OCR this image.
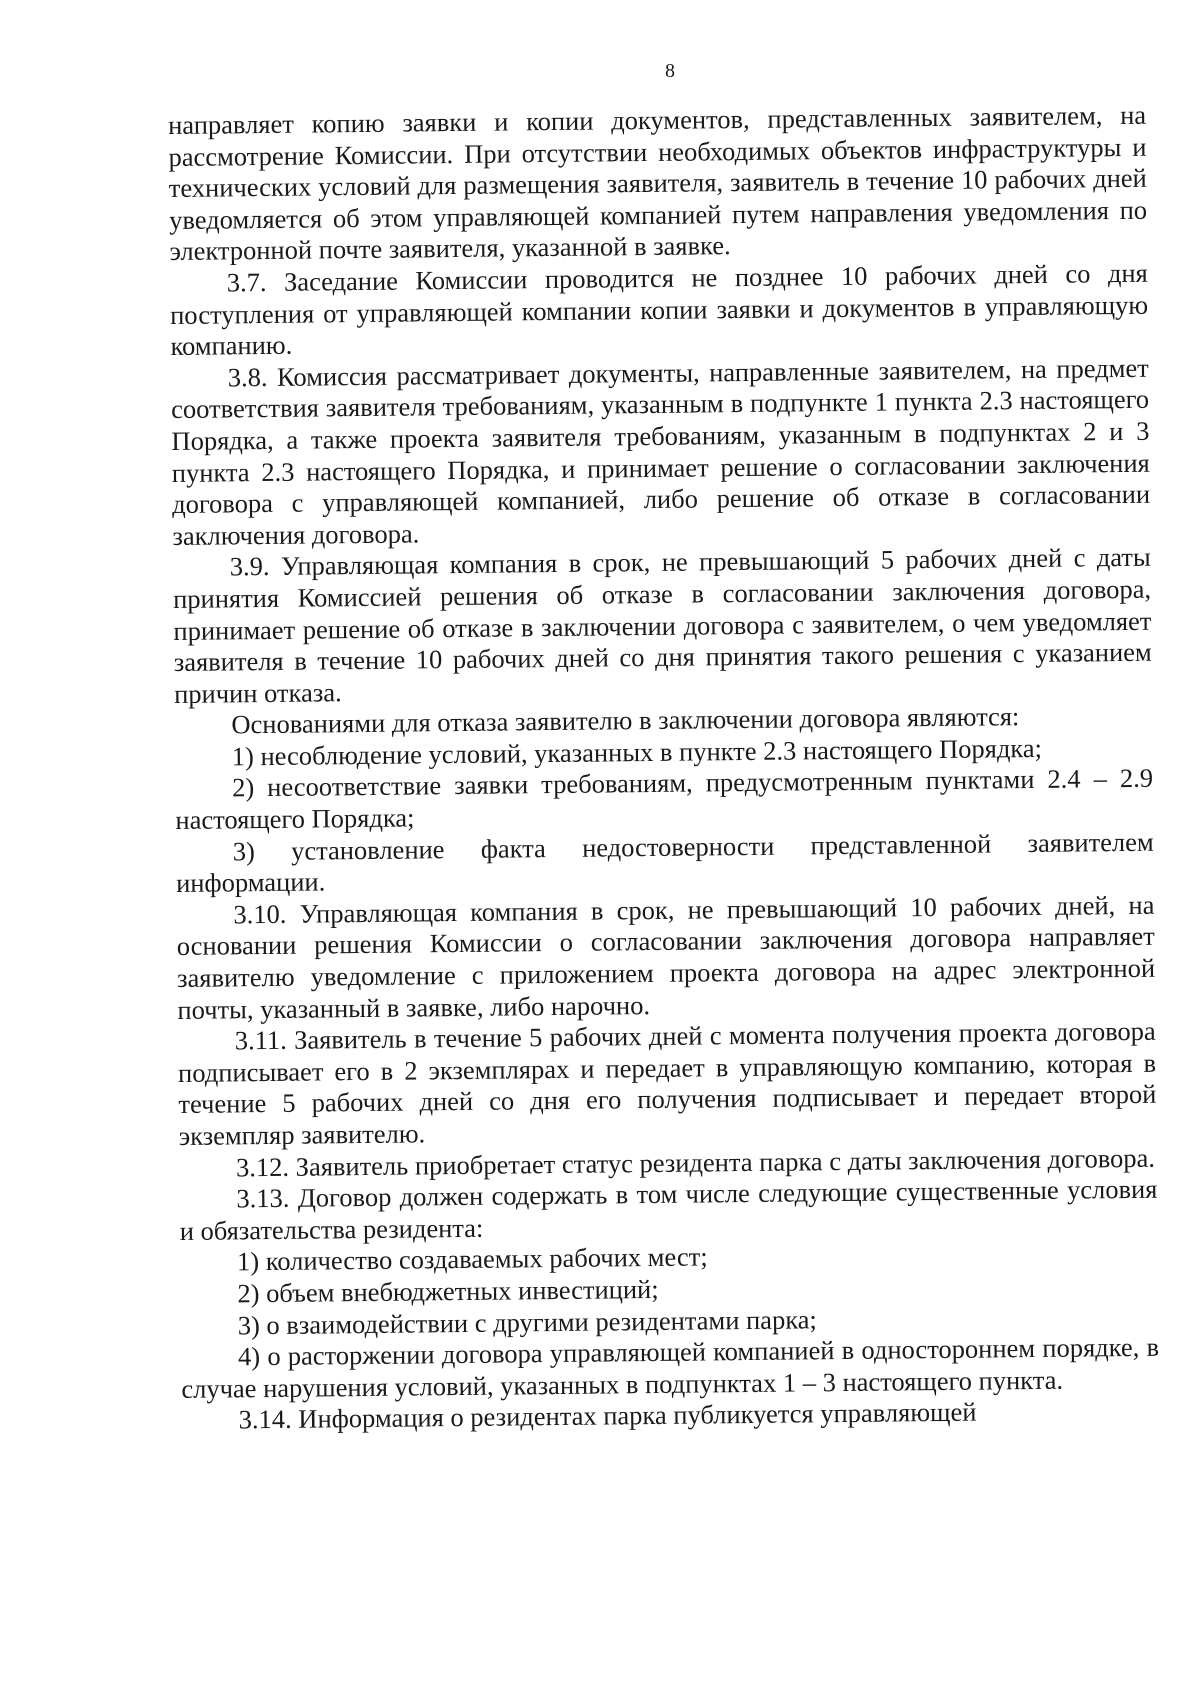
8

направляет копию заявки и копии документов, представленных заявителем, на рассмотрение Комиссии. При отсутствии необходимых объектов инфраструктуры и технических условий для размещения заявителя, заявитель в течение 10 рабочих дней уведомляется об этом управляющей компанией путем направления уведомления по электронной почте заявителя, указанной в заявке.

3.7. Заседание Комиссии проводится не позднее 10 рабочих дней со дня поступления от управляющей компании копии заявки и документов в управляющую компанию.

3.8. Комиссия рассматривает документы, направленные заявителем, на предмет соответствия заявителя требованиям, указанным в подпункте 1 пункта 2.3 настоящего Порядка, а также проекта заявителя требованиям, указанным в подпунктах 2 и 3 пункта 2.3 настоящего Порядка, и принимает решение о согласовании заключения договора с управляющей компанией, либо решение об отказе в согласовании заключения договора.

3.9. Управляющая компания в срок, не превышающий 5 рабочих дней с даты принятия Комиссией решения об отказе в согласовании заключения договора, принимает решение об отказе в заключении договора с заявителем, о чем уведомляет заявителя в течение 10 рабочих дней со дня принятия такого решения с указанием причин отказа.

Основаниями для отказа заявителю в заключении договора являются:

1) несоблюдение условий, указанных в пункте 2.3 настоящего Порядка;

2) несоответствие заявки требованиям, предусмотренным пунктами 2.4 – 2.9 настоящего Порядка;

3) установление факта недостоверности представленной заявителем информации.

3.10. Управляющая компания в срок, не превышающий 10 рабочих дней, на основании решения Комиссии о согласовании заключения договора направляет заявителю уведомление с приложением проекта договора на адрес электронной почты, указанный в заявке, либо нарочно.

3.11. Заявитель в течение 5 рабочих дней с момента получения проекта договора подписывает его в 2 экземплярах и передает в управляющую компанию, которая в течение 5 рабочих дней со дня его получения подписывает и передает второй экземпляр заявителю.

3.12. Заявитель приобретает статус резидента парка с даты заключения договора.

3.13. Договор должен содержать в том числе следующие существенные условия и обязательства резидента:

1) количество создаваемых рабочих мест;

2) объем внебюджетных инвестиций;

3) о взаимодействии с другими резидентами парка;

4) о расторжении договора управляющей компанией в одностороннем порядке, в случае нарушения условий, указанных в подпунктах 1 – 3 настоящего пункта.

3.14. Информация о резидентах парка публикуется управляющей
